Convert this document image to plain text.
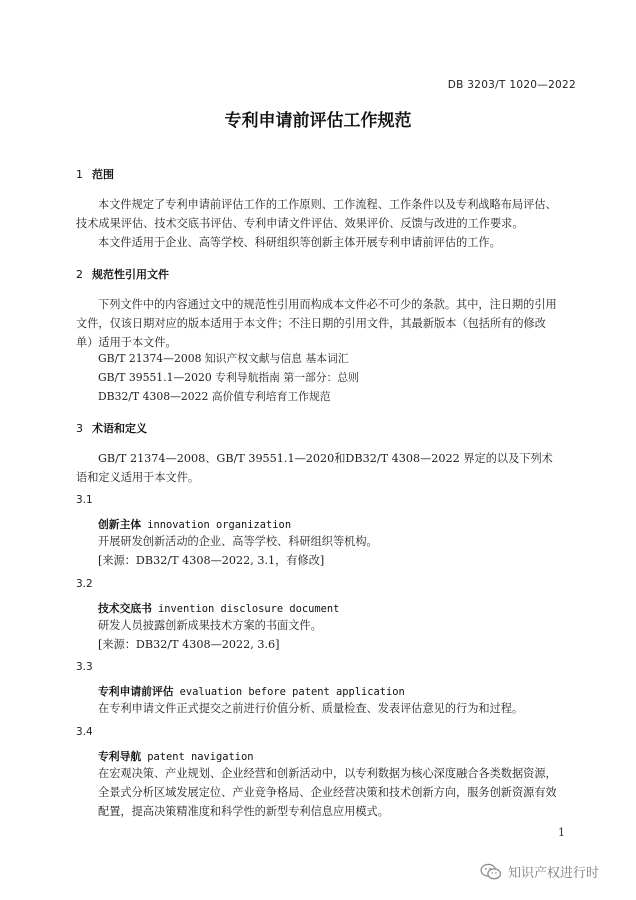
DB 3203/T 1020—2022
专利申请前评估工作规范
1 范围
本文件规定了专利申请前评估工作的工作原则、工作流程、工作条件以及专利战略布局评估、技术成果评估、技术交底书评估、专利申请文件评估、效果评价、反馈与改进的工作要求。
本文件适用于企业、高等学校、科研组织等创新主体开展专利申请前评估的工作。
2 规范性引用文件
下列文件中的内容通过文中的规范性引用而构成本文件必不可少的条款。其中，注日期的引用文件，仅该日期对应的版本适用于本文件；不注日期的引用文件，其最新版本（包括所有的修改单）适用于本文件。
GB/T 21374—2008 知识产权文献与信息 基本词汇
GB/T 39551.1—2020 专利导航指南 第一部分：总则
DB32/T 4308—2022 高价值专利培育工作规范
3 术语和定义
GB/T 21374—2008、GB/T 39551.1—2020和DB32/T 4308—2022 界定的以及下列术语和定义适用于本文件。
3.1
创新主体 innovation organization
开展研发创新活动的企业、高等学校、科研组织等机构。
[来源：DB32/T 4308—2022, 3.1，有修改]
3.2
技术交底书 invention disclosure document
研发人员披露创新成果技术方案的书面文件。
[来源：DB32/T 4308—2022, 3.6]
3.3
专利申请前评估 evaluation before patent application
在专利申请文件正式提交之前进行价值分析、质量检查、发表评估意见的行为和过程。
3.4
专利导航 patent navigation
在宏观决策、产业规划、企业经营和创新活动中，以专利数据为核心深度融合各类数据资源，全景式分析区域发展定位、产业竞争格局、企业经营决策和技术创新方向，服务创新资源有效配置，提高决策精准度和科学性的新型专利信息应用模式。
1
知识产权进行时
